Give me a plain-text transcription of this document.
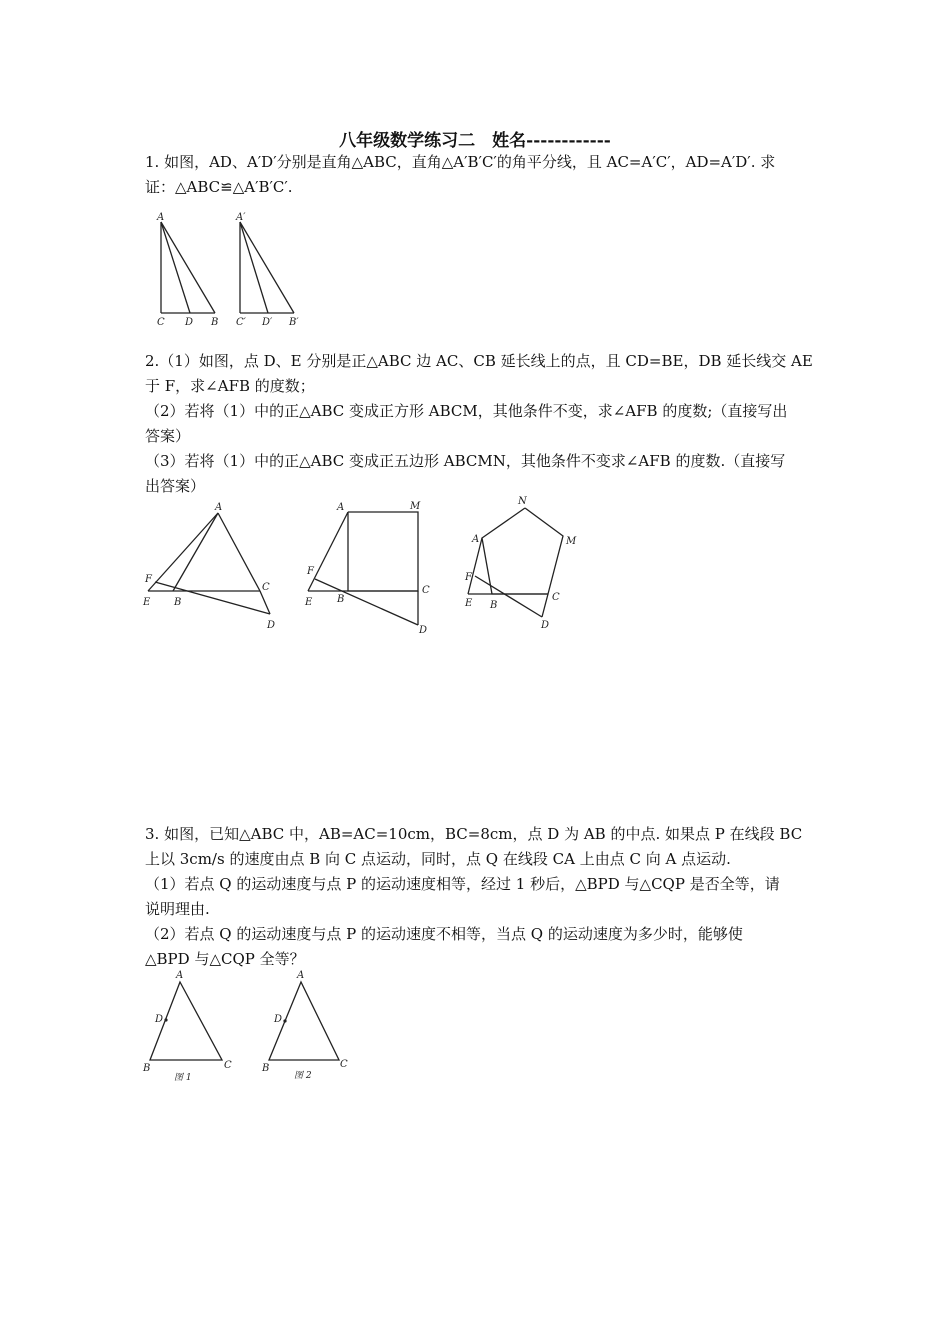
八年级数学练习二　姓名------------

1. 如图，AD、A′D′分别是直角△ABC，直角△A′B′C′的角平分线，且 AC=A′C′，AD=A′D′. 求
证：△ABC≌△A′B′C′.

A
C D B
A′
C′ D′ B′

2.（1）如图，点 D、E 分别是正△ABC 边 AC、CB 延长线上的点，且 CD=BE，DB 延长线交 AE
于 F，求∠AFB 的度数；
（2）若将（1）中的正△ABC 变成正方形 ABCM，其他条件不变，求∠AFB 的度数;（直接写出
答案）
（3）若将（1）中的正△ABC 变成正五边形 ABCMN，其他条件不变求∠AFB 的度数.（直接写
出答案）

A
F
E B
C
D
A	M
F
E B
C
D
N
A	M
F
E B
C
D

3. 如图，已知△ABC 中，AB=AC=10cm，BC=8cm，点 D 为 AB 的中点. 如果点 P 在线段 BC
上以 3cm/s 的速度由点 B 向 C 点运动，同时，点 Q 在线段 CA 上由点 C 向 A 点运动.
（1）若点 Q 的运动速度与点 P 的运动速度相等，经过 1 秒后，△BPD 与△CQP 是否全等，请
说明理由.
（2）若点 Q 的运动速度与点 P 的运动速度不相等，当点 Q 的运动速度为多少时，能够使
△BPD 与△CQP 全等？

A
D
B	C
图 1
A
D
B	C
图 2
